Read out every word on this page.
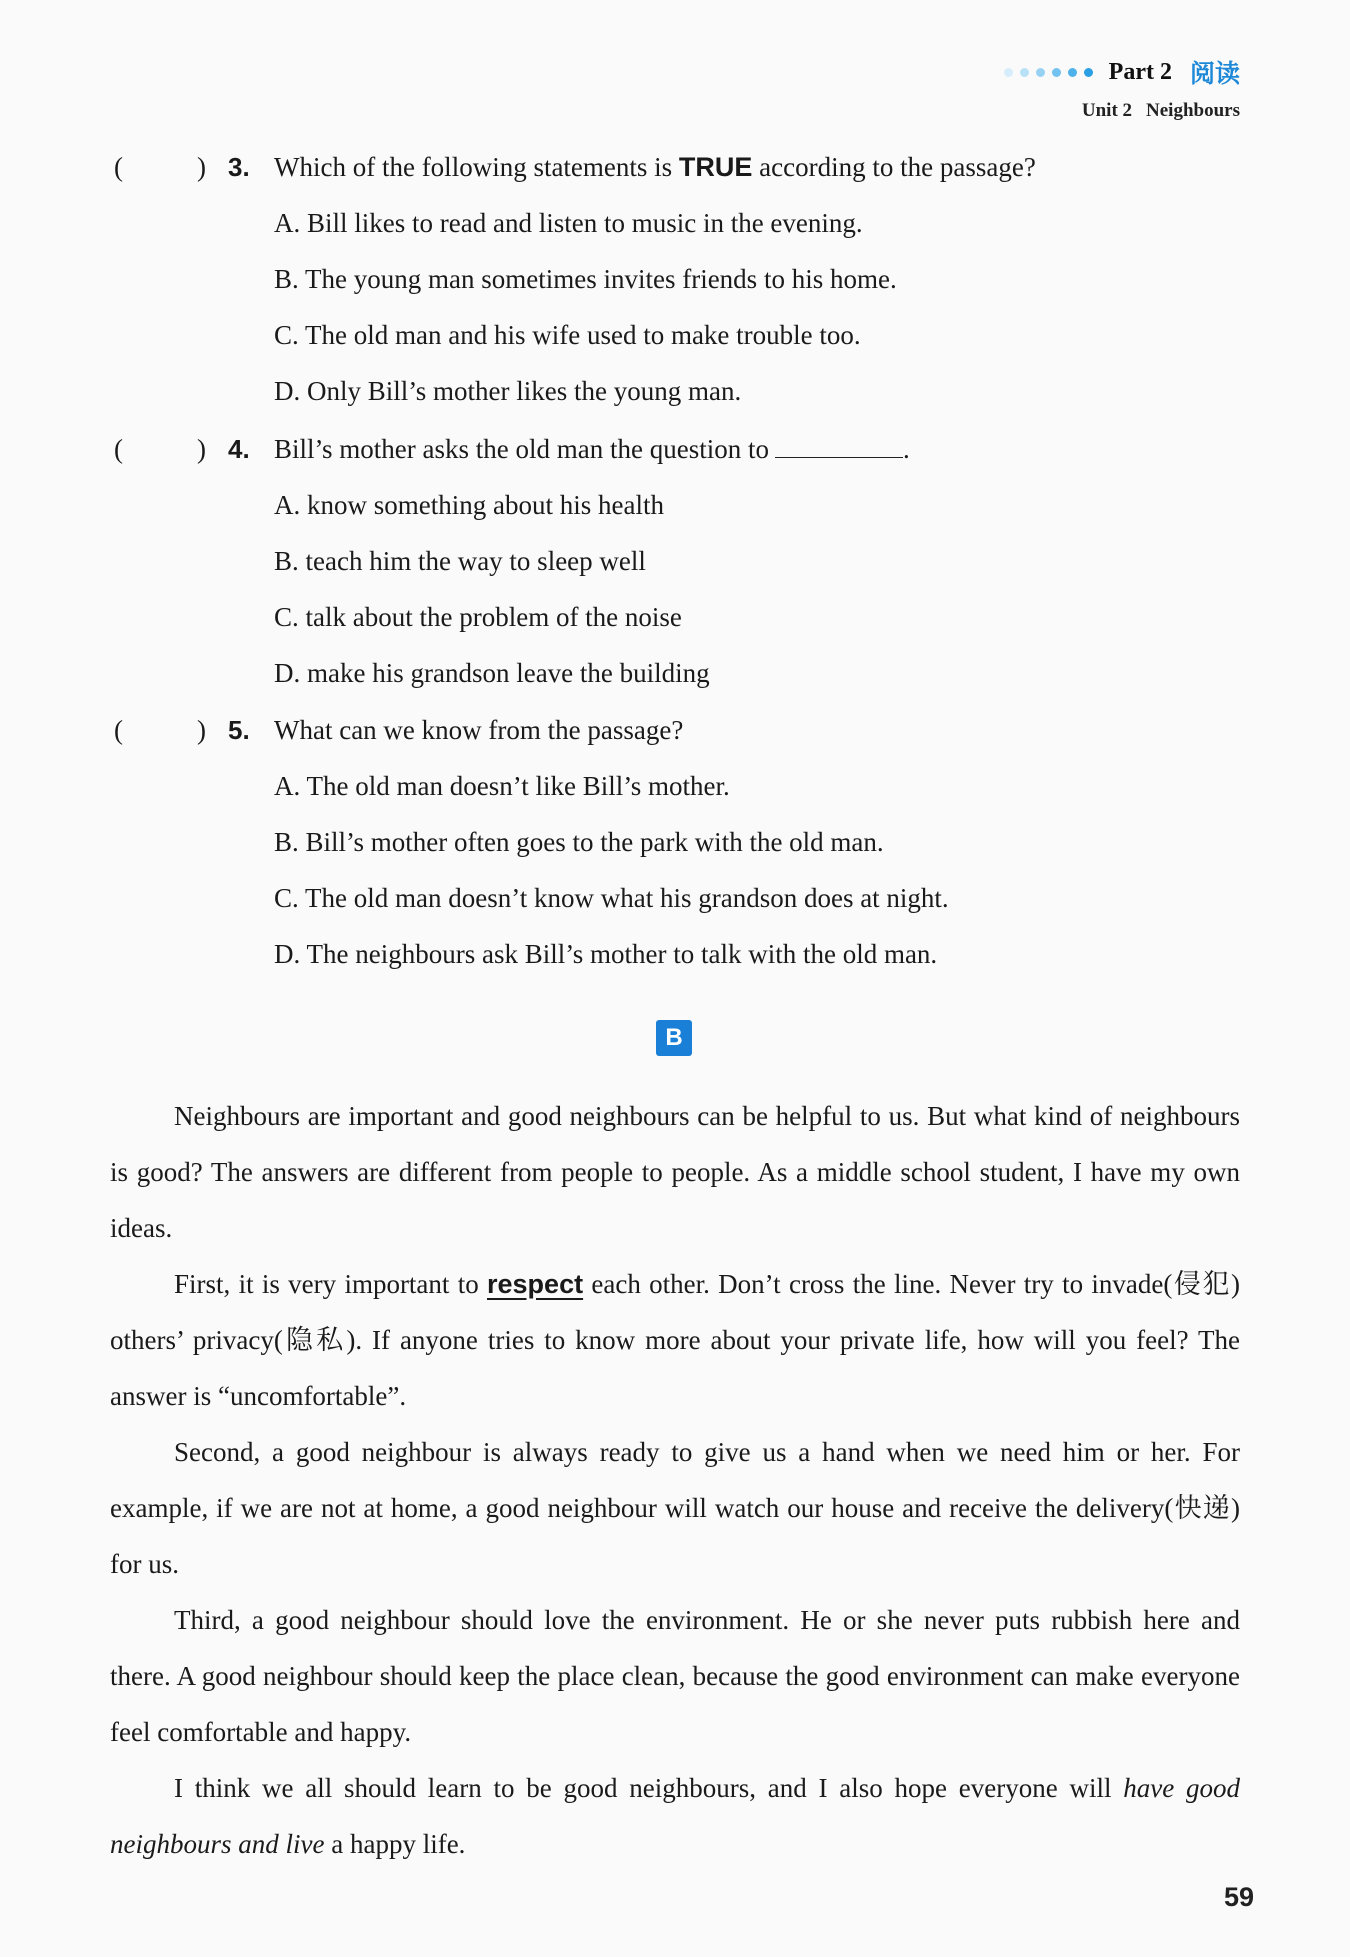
Part 2 阅读
Unit 2 Neighbours
(	) 3. Which of the following statements is TRUE according to the passage?
A. Bill likes to read and listen to music in the evening.
B. The young man sometimes invites friends to his home.
C. The old man and his wife used to make trouble too.
D. Only Bill’s mother likes the young man.
(	) 4. Bill’s mother asks the old man the question to	.
A. know something about his health
B. teach him the way to sleep well
C. talk about the problem of the noise
D. make his grandson leave the building
(	) 5. What can we know from the passage?
A. The old man doesn’t like Bill’s mother.
B. Bill’s mother often goes to the park with the old man.
C. The old man doesn’t know what his grandson does at night.
D. The neighbours ask Bill’s mother to talk with the old man.
B

Neighbours are important and good neighbours can be helpful to us. But what kind of neighbours is good? The answers are different from people to people. As a middle school student, I have my own ideas.

First, it is very important to respect each other. Don’t cross the line. Never try to invade(侵犯) others’ privacy(隐私). If anyone tries to know more about your private life, how will you feel? The answer is “uncomfortable”.

Second, a good neighbour is always ready to give us a hand when we need him or her. For example, if we are not at home, a good neighbour will watch our house and receive the delivery(快递) for us.

Third, a good neighbour should love the environment. He or she never puts rubbish here and there. A good neighbour should keep the place clean, because the good environment can make everyone feel comfortable and happy.

I think we all should learn to be good neighbours, and I also hope everyone will have good neighbours and live a happy life.

59
